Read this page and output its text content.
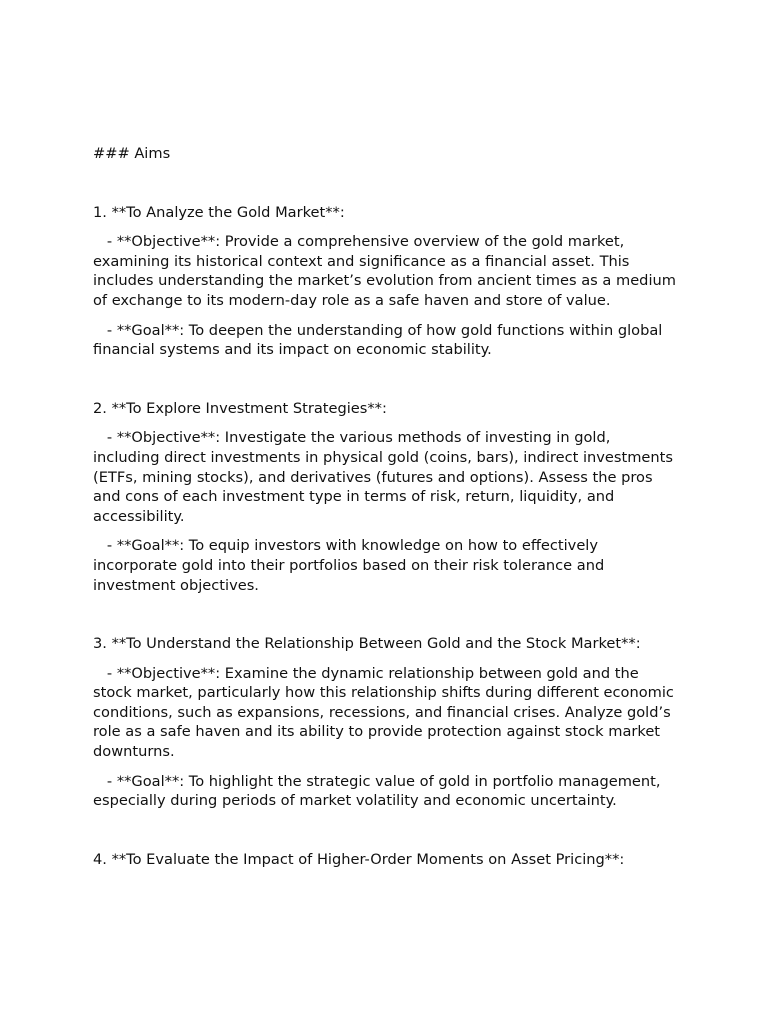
### Aims

1. **To Analyze the Gold Market**:

- **Objective**: Provide a comprehensive overview of the gold market, examining its historical context and significance as a financial asset. This includes understanding the market’s evolution from ancient times as a medium of exchange to its modern-day role as a safe haven and store of value.

- **Goal**: To deepen the understanding of how gold functions within global financial systems and its impact on economic stability.

2. **To Explore Investment Strategies**:

- **Objective**: Investigate the various methods of investing in gold, including direct investments in physical gold (coins, bars), indirect investments (ETFs, mining stocks), and derivatives (futures and options). Assess the pros and cons of each investment type in terms of risk, return, liquidity, and accessibility.

- **Goal**: To equip investors with knowledge on how to effectively incorporate gold into their portfolios based on their risk tolerance and investment objectives.

3. **To Understand the Relationship Between Gold and the Stock Market**:

- **Objective**: Examine the dynamic relationship between gold and the stock market, particularly how this relationship shifts during different economic conditions, such as expansions, recessions, and financial crises. Analyze gold’s role as a safe haven and its ability to provide protection against stock market downturns.

- **Goal**: To highlight the strategic value of gold in portfolio management, especially during periods of market volatility and economic uncertainty.

4. **To Evaluate the Impact of Higher-Order Moments on Asset Pricing**:
